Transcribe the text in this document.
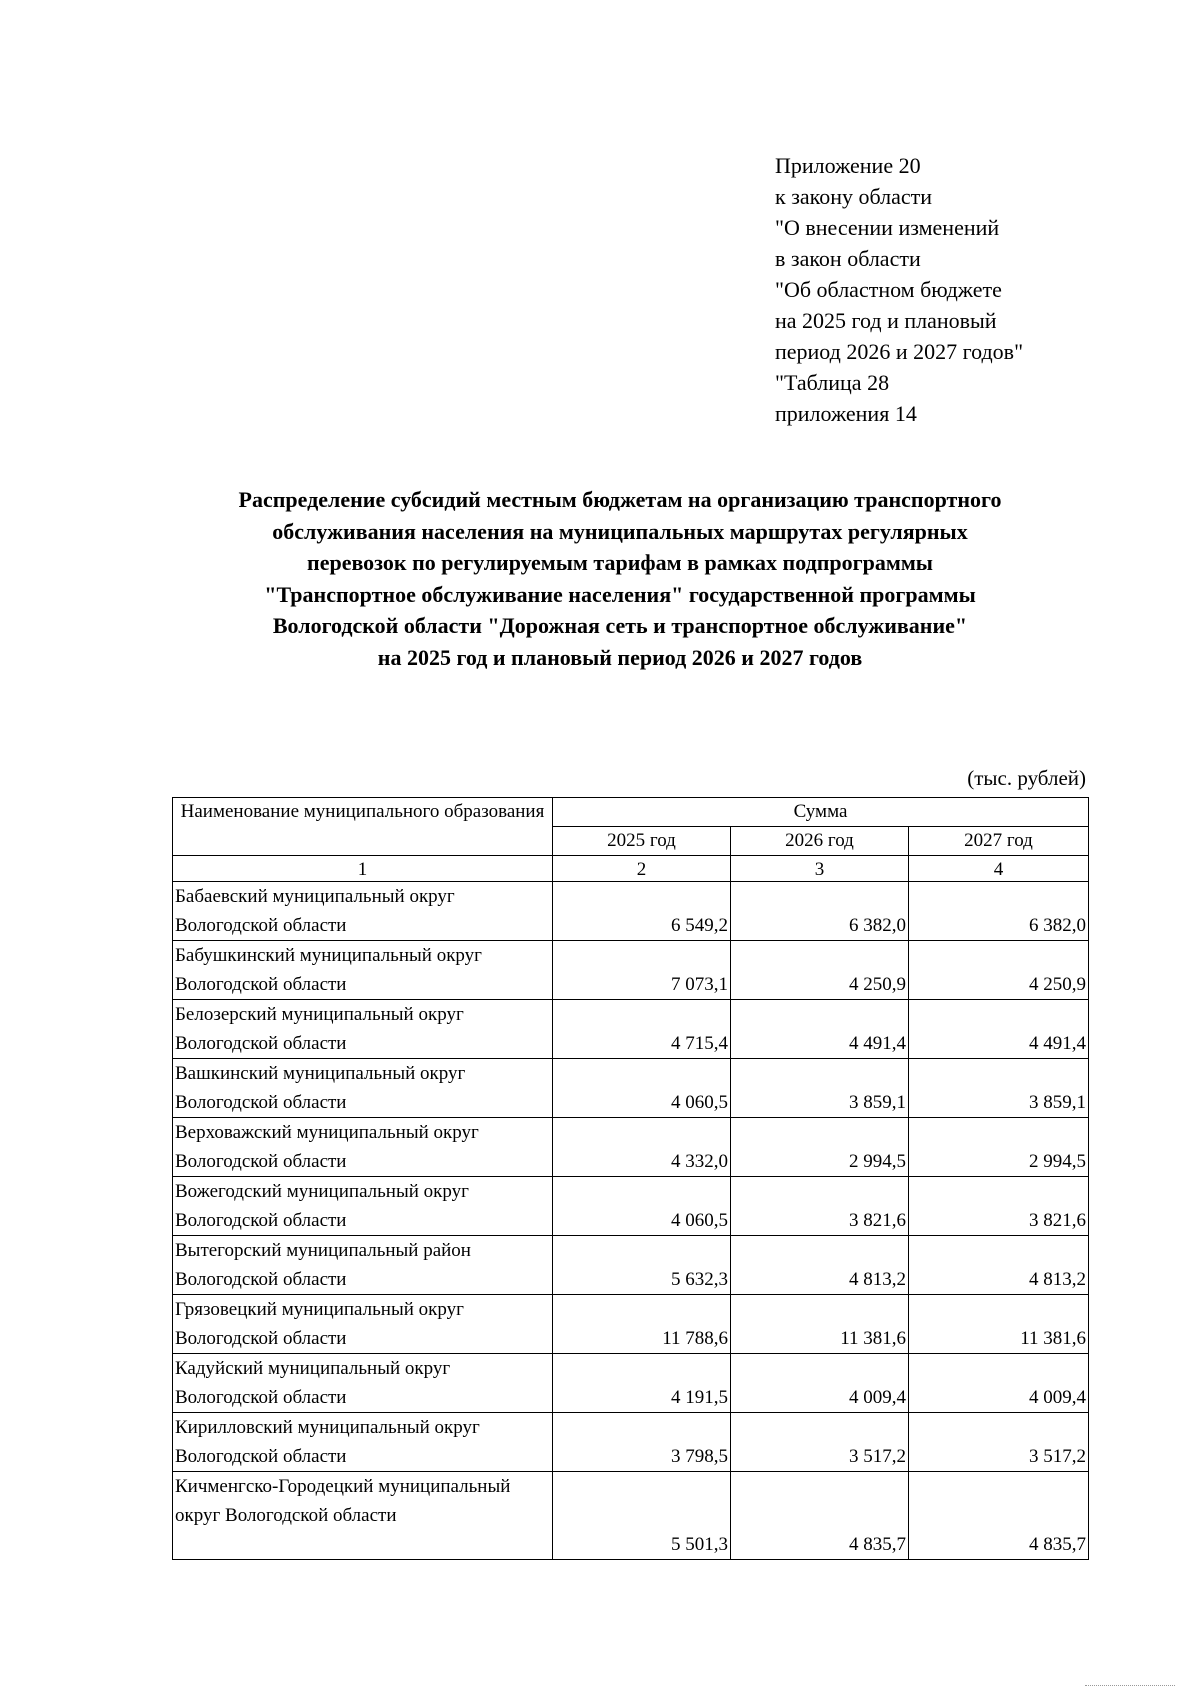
Приложение 20
к закону области
"О внесении изменений
в закон области
"Об областном бюджете
на 2025 год и плановый
период 2026 и 2027 годов"
"Таблица 28
приложения 14
Распределение субсидий местным бюджетам на организацию транспортного
обслуживания населения на муниципальных маршрутах регулярных
перевозок по регулируемым тарифам в рамках подпрограммы
"Транспортное обслуживание населения" государственной программы
Вологодской области "Дорожная сеть и транспортное обслуживание"
на 2025 год и плановый период 2026 и 2027 годов
(тыс. рублей)
Наименование муниципального образования	Сумма		
	2025 год	2026 год	2027 год
1	2	3	4
Бабаевский муниципальный округ Вологодской области	6 549,2	6 382,0	6 382,0
Бабушкинский муниципальный округ Вологодской области	7 073,1	4 250,9	4 250,9
Белозерский муниципальный округ Вологодской области	4 715,4	4 491,4	4 491,4
Вашкинский муниципальный округ Вологодской области	4 060,5	3 859,1	3 859,1
Верховажский муниципальный округ Вологодской области	4 332,0	2 994,5	2 994,5
Вожегодский муниципальный округ Вологодской области	4 060,5	3 821,6	3 821,6
Вытегорский муниципальный район Вологодской области	5 632,3	4 813,2	4 813,2
Грязовецкий муниципальный округ Вологодской области	11 788,6	11 381,6	11 381,6
Кадуйский муниципальный округ Вологодской области	4 191,5	4 009,4	4 009,4
Кирилловский муниципальный округ Вологодской области	3 798,5	3 517,2	3 517,2
Кичменгско-Городецкий муниципальный округ Вологодской области	5 501,3	4 835,7	4 835,7
